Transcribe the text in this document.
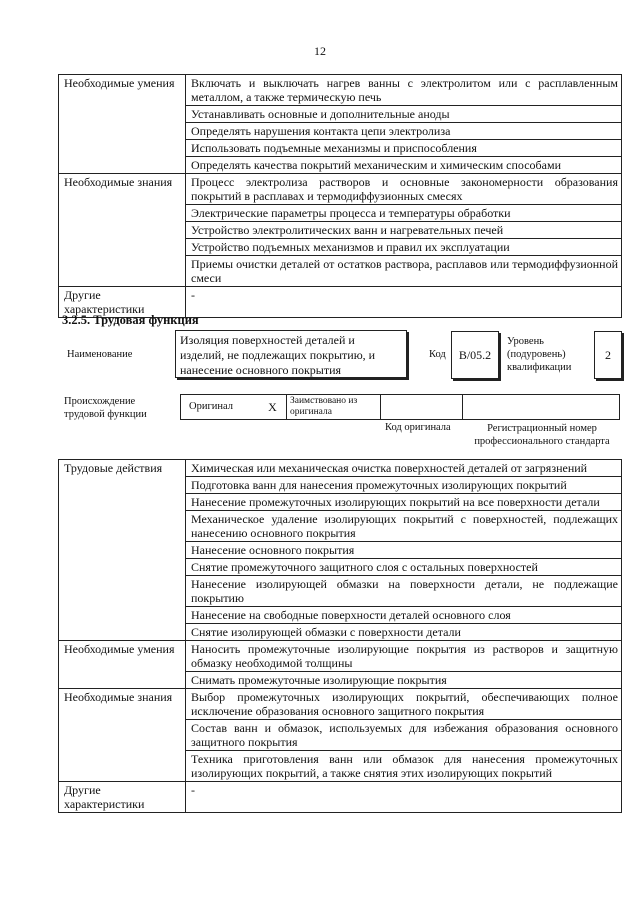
12
Необходимые умения	Включать и выключать нагрев ванны с электролитом или с расплавленным металлом, а также термическую печь
	Устанавливать основные и дополнительные аноды
	Определять нарушения контакта цепи электролиза
	Использовать подъемные механизмы и приспособления
	Определять качества покрытий механическим и химическим способами
Необходимые знания	Процесс электролиза растворов и основные закономерности образования покрытий в расплавах и термодиффузионных смесях
	Электрические параметры процесса и температуры обработки
	Устройство электролитических ванн и нагревательных печей
	Устройство подъемных механизмов и правил их эксплуатации
	Приемы очистки деталей от остатков раствора, расплавов или термодиффузионной смеси
Другие характеристики	-
3.2.5. Трудовая функция
Наименование
Изоляция поверхностей деталей и изделий, не подлежащих покрытию, и нанесение основного покрытия
Код	B/05.2
Уровень (подуровень) квалификации
2
Происхождение трудовой функции
Оригинал	X	Заимствовано из оригинала
Код оригинала	Регистрационный номер профессионального стандарта
Трудовые действия	Химическая или механическая очистка поверхностей деталей от загрязнений
	Подготовка ванн для нанесения промежуточных изолирующих покрытий
	Нанесение промежуточных изолирующих покрытий на все поверхности детали
	Механическое удаление изолирующих покрытий с поверхностей, подлежащих нанесению основного покрытия
	Нанесение основного покрытия
	Снятие промежуточного защитного слоя с остальных поверхностей
	Нанесение изолирующей обмазки на поверхности детали, не подлежащие покрытию
	Нанесение на свободные поверхности деталей основного слоя
	Снятие изолирующей обмазки с поверхности детали
Необходимые умения	Наносить промежуточные изолирующие покрытия из растворов и защитную обмазку необходимой толщины
	Снимать промежуточные изолирующие покрытия
Необходимые знания	Выбор промежуточных изолирующих покрытий, обеспечивающих полное исключение образования основного защитного покрытия
	Состав ванн и обмазок, используемых для избежания образования основного защитного покрытия
	Техника приготовления ванн или обмазок для нанесения промежуточных изолирующих покрытий, а также снятия этих изолирующих покрытий
Другие характеристики	-
